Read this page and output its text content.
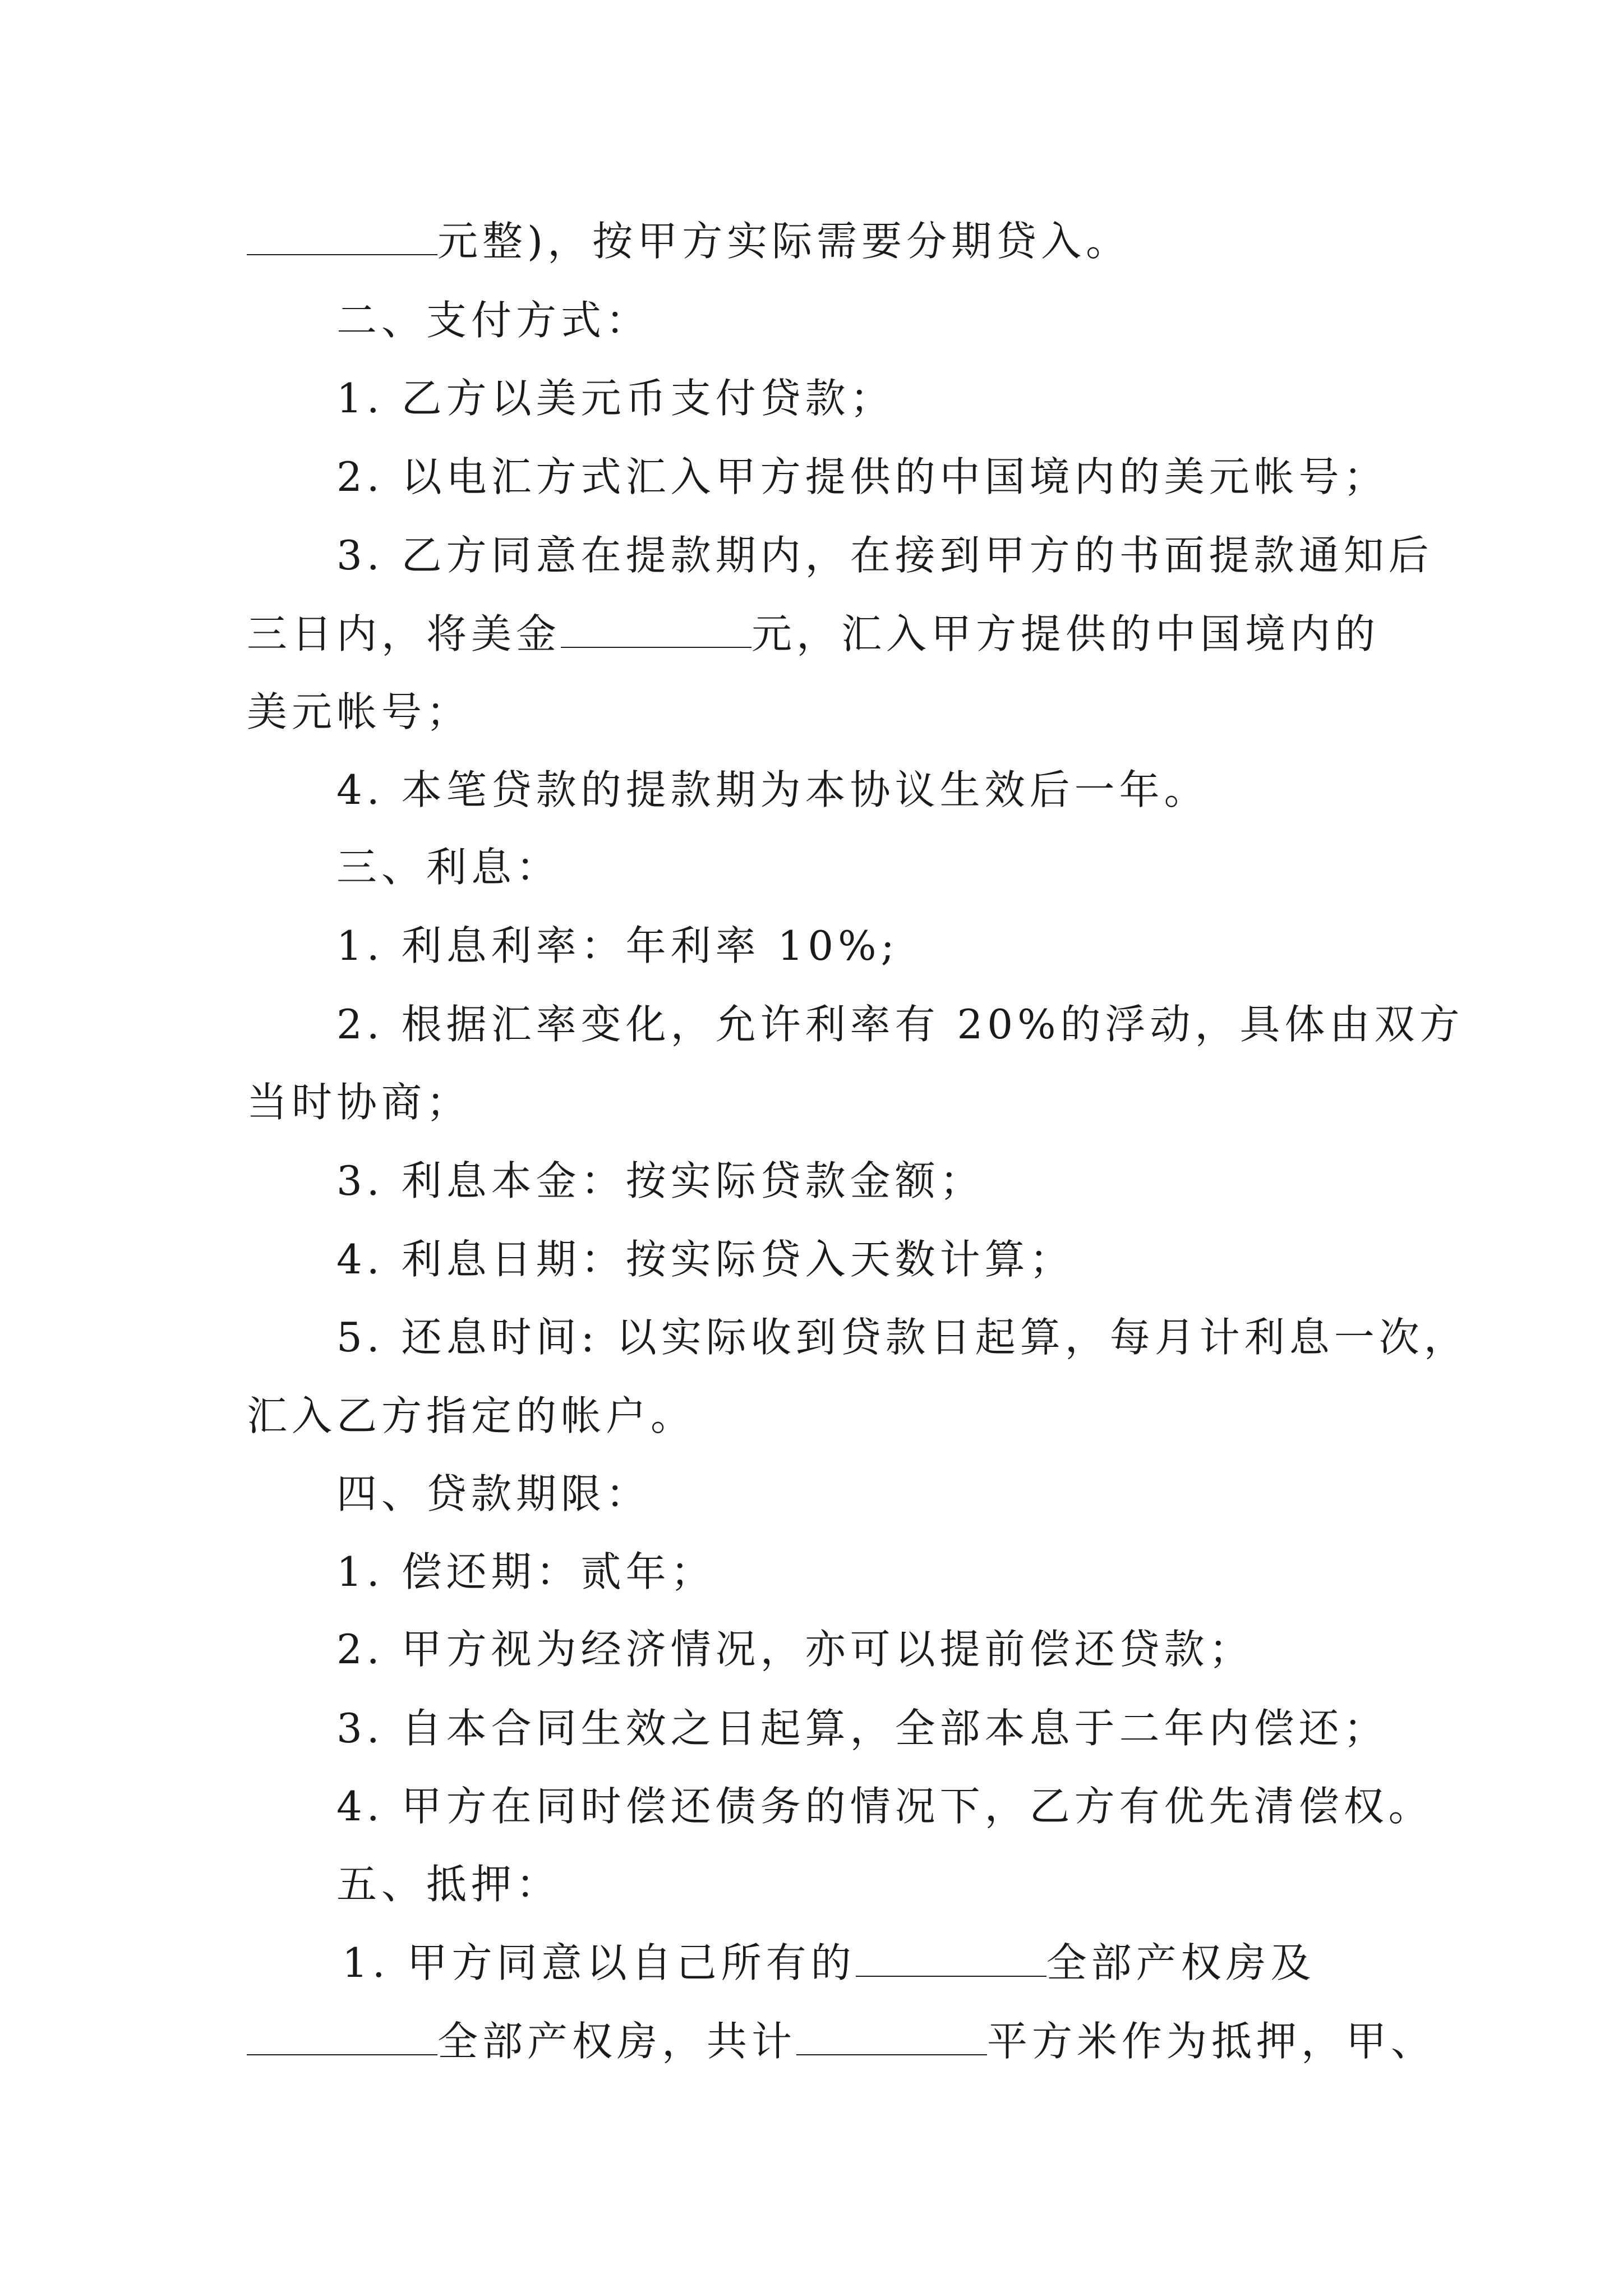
元整)，按甲方实际需要分期贷入。
二、支付方式：
1. 乙方以美元币支付贷款；
2. 以电汇方式汇入甲方提供的中国境内的美元帐号；
3. 乙方同意在提款期内，在接到甲方的书面提款通知后
三日内，将美金	元，汇入甲方提供的中国境内的
美元帐号；
4. 本笔贷款的提款期为本协议生效后一年。
三、利息：
1. 利息利率：年利率 10%;
2. 根据汇率变化，允许利率有 20%的浮动，具体由双方
当时协商；
3. 利息本金：按实际贷款金额；
4. 利息日期：按实际贷入天数计算；
5. 还息时间: 以实际收到贷款日起算，每月计利息一次，
汇入乙方指定的帐户。
四、贷款期限：
1. 偿还期：贰年；
2. 甲方视为经济情况，亦可以提前偿还贷款；
3. 自本合同生效之日起算，全部本息于二年内偿还；
4. 甲方在同时偿还债务的情况下，乙方有优先清偿权。
五、抵押：
1. 甲方同意以自己所有的	全部产权房及
全部产权房，共计	平方米作为抵押，甲、
